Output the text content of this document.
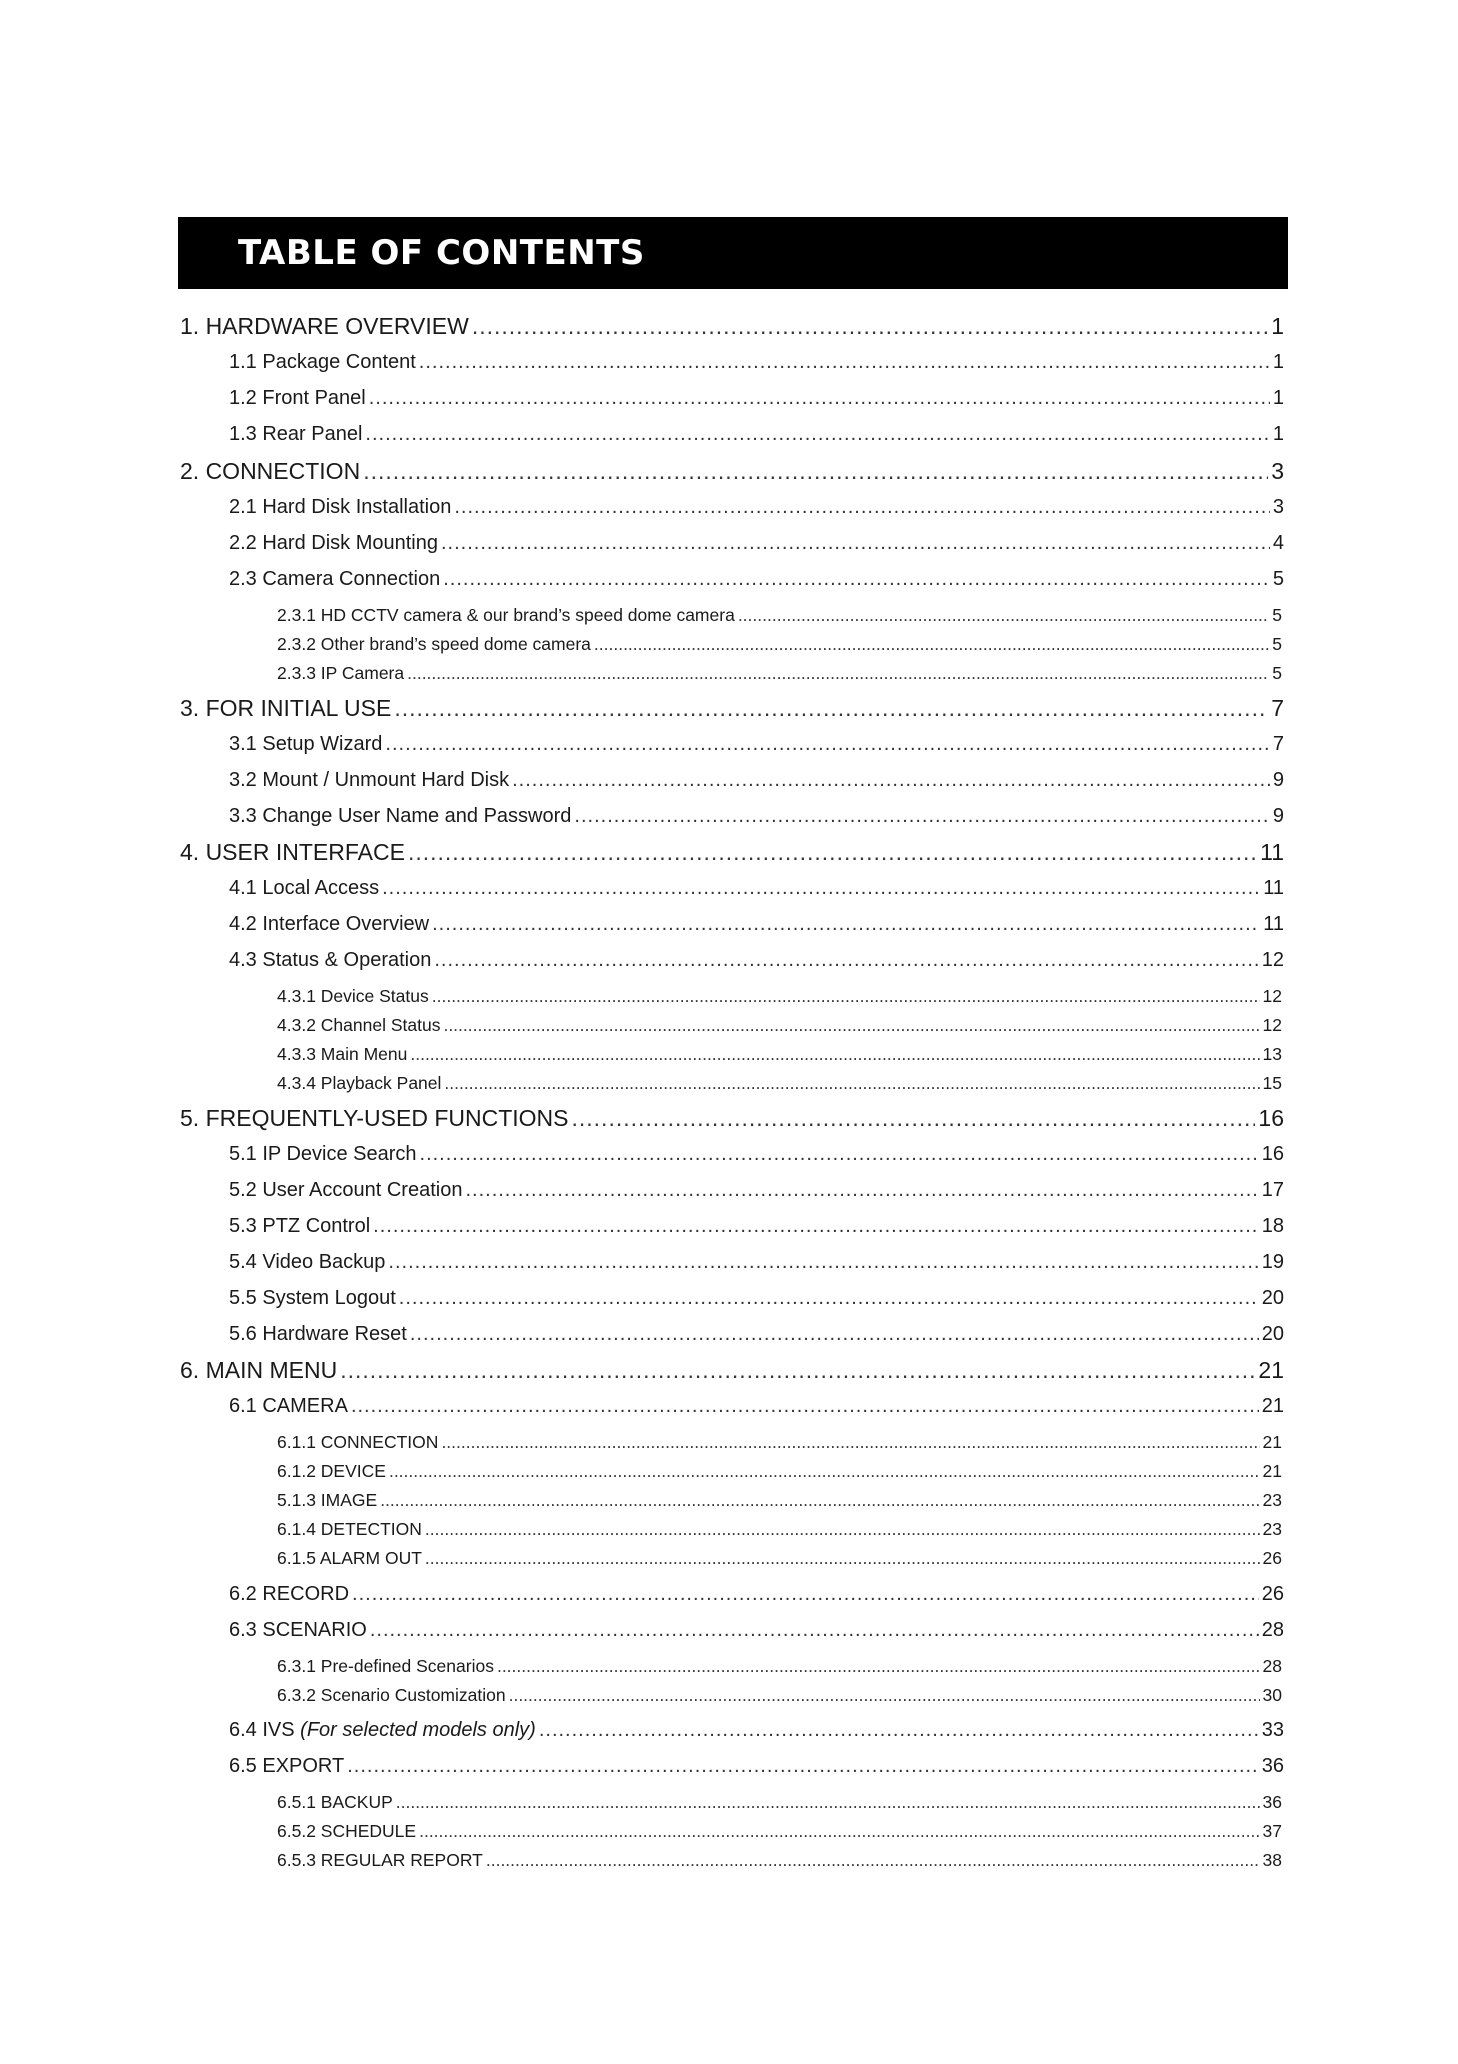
TABLE OF CONTENTS
1. HARDWARE OVERVIEW .....	1
1.1 Package Content .....	1
1.2 Front Panel .....	1
1.3 Rear Panel .....	1
2. CONNECTION .....	3
2.1 Hard Disk Installation .....	3
2.2 Hard Disk Mounting .....	4
2.3 Camera Connection .....	5
2.3.1 HD CCTV camera & our brand’s speed dome camera .....	5
2.3.2 Other brand’s speed dome camera .....	5
2.3.3 IP Camera .....	5
3. FOR INITIAL USE .....	7
3.1 Setup Wizard .....	7
3.2 Mount / Unmount Hard Disk .....	9
3.3 Change User Name and Password .....	9
4. USER INTERFACE .....	11
4.1 Local Access .....	11
4.2 Interface Overview .....	11
4.3 Status & Operation .....	12
4.3.1 Device Status .....	12
4.3.2 Channel Status .....	12
4.3.3 Main Menu .....	13
4.3.4 Playback Panel .....	15
5. FREQUENTLY-USED FUNCTIONS .....	16
5.1 IP Device Search .....	16
5.2 User Account Creation .....	17
5.3 PTZ Control .....	18
5.4 Video Backup .....	19
5.5 System Logout .....	20
5.6 Hardware Reset .....	20
6. MAIN MENU .....	21
6.1 CAMERA .....	21
6.1.1 CONNECTION .....	21
6.1.2 DEVICE .....	21
5.1.3 IMAGE .....	23
6.1.4 DETECTION .....	23
6.1.5 ALARM OUT .....	26
6.2 RECORD .....	26
6.3 SCENARIO .....	28
6.3.1 Pre-defined Scenarios .....	28
6.3.2 Scenario Customization .....	30
6.4 IVS (For selected models only) .....	33
6.5 EXPORT .....	36
6.5.1 BACKUP .....	36
6.5.2 SCHEDULE .....	37
6.5.3 REGULAR REPORT .....	38
